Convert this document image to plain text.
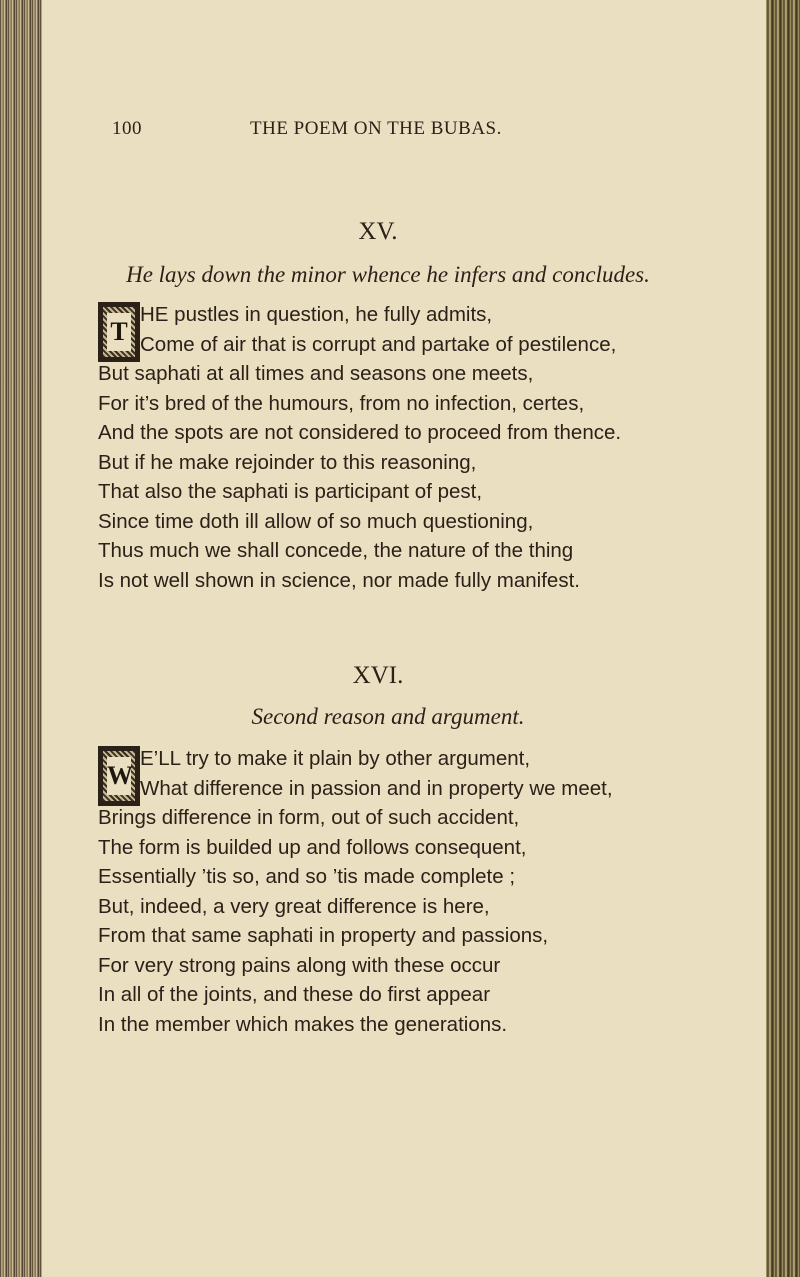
100	THE POEM ON THE BUBAS.
XV.
He lays down the minor whence he infers and concludes.
T
HE pustles in question, he fully admits,
Come of air that is corrupt and partake of pestilence,
But saphati at all times and seasons one meets,
For it’s bred of the humours, from no infection, certes,
And the spots are not considered to proceed from thence.
But if he make rejoinder to this reasoning,
That also the saphati is participant of pest,
Since time doth ill allow of so much questioning,
Thus much we shall concede, the nature of the thing
Is not well shown in science, nor made fully manifest.
XVI.
Second reason and argument.
W
E’LL try to make it plain by other argument,
What difference in passion and in property we meet,
Brings difference in form, out of such accident,
The form is builded up and follows consequent,
Essentially ’tis so, and so ’tis made complete ;
But, indeed, a very great difference is here,
From that same saphati in property and passions,
For very strong pains along with these occur
In all of the joints, and these do first appear
In the member which makes the generations.
